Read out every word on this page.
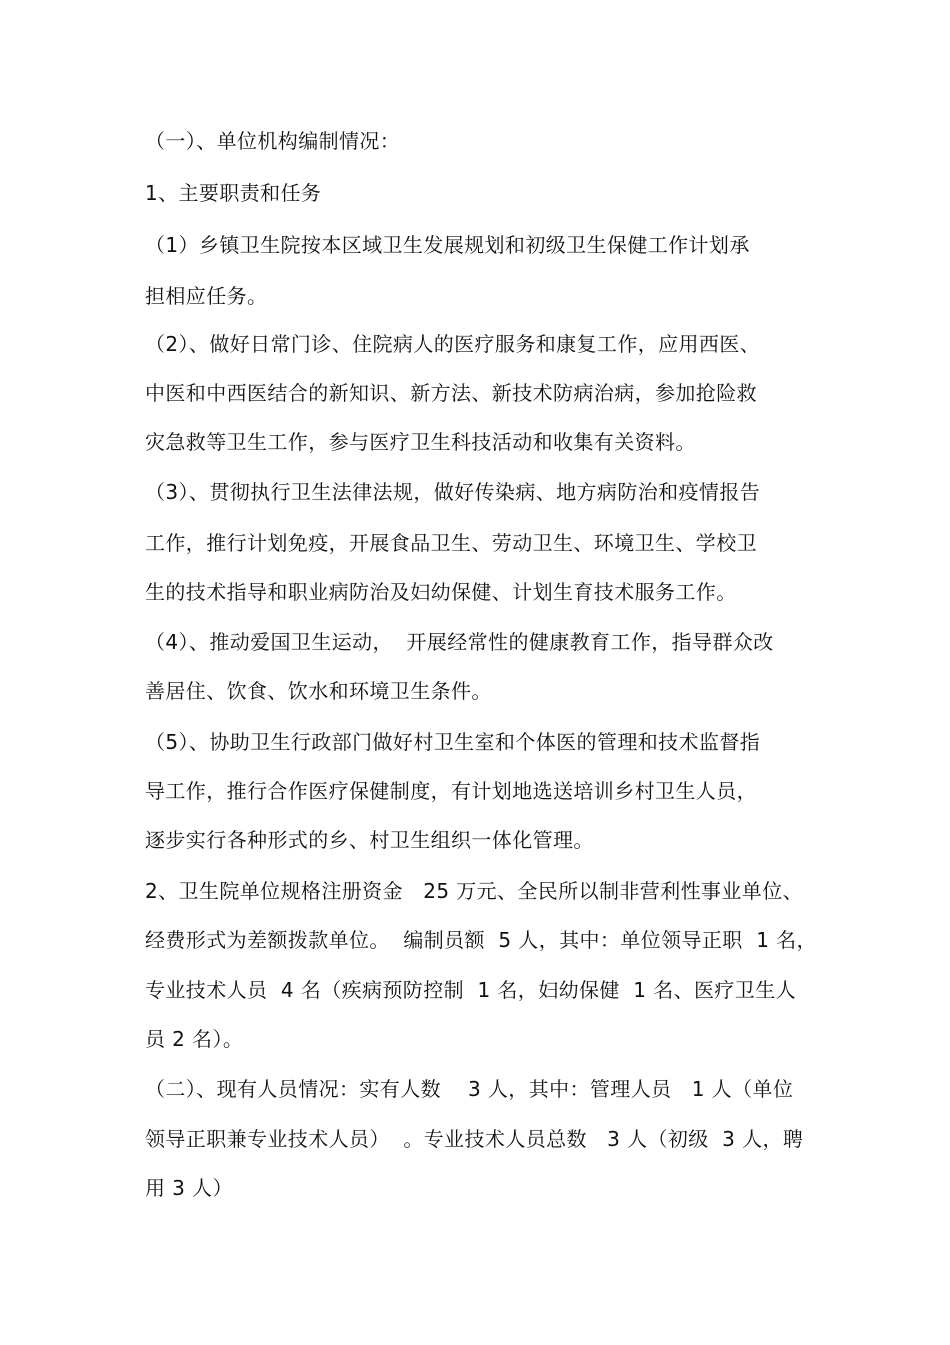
（一）、单位机构编制情况：
1、主要职责和任务
（1）乡镇卫生院按本区域卫生发展规划和初级卫生保健工作计划承
担相应任务。
（2）、做好日常门诊、住院病人的医疗服务和康复工作，应用西医、
中医和中西医结合的新知识、新方法、新技术防病治病，参加抢险救
灾急救等卫生工作，参与医疗卫生科技活动和收集有关资料。
（3）、贯彻执行卫生法律法规，做好传染病、地方病防治和疫情报告
工作，推行计划免疫，开展食品卫生、劳动卫生、环境卫生、学校卫
生的技术指导和职业病防治及妇幼保健、计划生育技术服务工作。
（4）、推动爱国卫生运动，  开展经常性的健康教育工作，指导群众改
善居住、饮食、饮水和环境卫生条件。
（5）、协助卫生行政部门做好村卫生室和个体医的管理和技术监督指
导工作，推行合作医疗保健制度，有计划地选送培训乡村卫生人员，
逐步实行各种形式的乡、村卫生组织一体化管理。
2、卫生院单位规格注册资金   25 万元、全民所以制非营利性事业单位、
经费形式为差额拨款单位。  编制员额  5 人，其中：单位领导正职  1 名，
专业技术人员  4 名（疾病预防控制  1 名，妇幼保健  1 名、医疗卫生人
员 2 名）。
（二）、现有人员情况：实有人数    3 人，其中：管理人员   1 人（单位
领导正职兼专业技术人员）  。专业技术人员总数   3 人（初级  3 人，聘
用 3 人）
